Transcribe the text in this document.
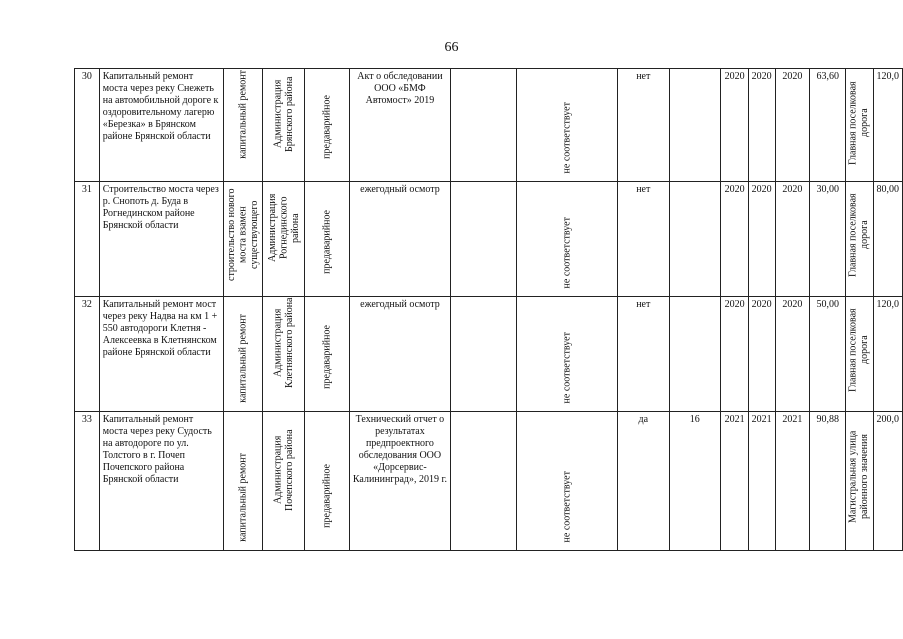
66
30	Капитальный ремонт моста через реку Снежеть на автомобильной дороге к оздоровительному лагерю «Березка» в Брянском районе Брянской области	капитальный ремонт	Администрация Брянского района	предаварийное	Акт о обследовании ООО «БМФ Автомост» 2019		не соответствует	нет		2020	2020	2020	63,60	Главная поселковая дорога	120,0
31	Строительство моста через р. Снопоть д. Буда в Рогнединском районе Брянской области	строительство нового моста взамен существующего	Администрация Рогнединского района	предаварийное	ежегодный осмотр		не соответствует	нет		2020	2020	2020	30,00	Главная поселковая дорога	80,00
32	Капитальный ремонт мост через реку Надва на км 1 + 550 автодороги Клетня - Алексеевка в Клетнянском районе Брянской области	капитальный ремонт	Администрация Клетнянского района	предаварийное	ежегодный осмотр		не соответствует	нет		2020	2020	2020	50,00	Главная поселковая дорога	120,0
33	Капитальный ремонт моста через реку Судость на автодороге по ул. Толстого в г. Почеп Почепского района Брянской области	капитальный ремонт	Администрация Почепского района	предаварийное	Технический отчет о результатах предпроектного обследования ООО «Дорсервис-Калининград», 2019 г.		не соответствует	да	16	2021	2021	2021	90,88	Магистральная улица районного значения	200,0
